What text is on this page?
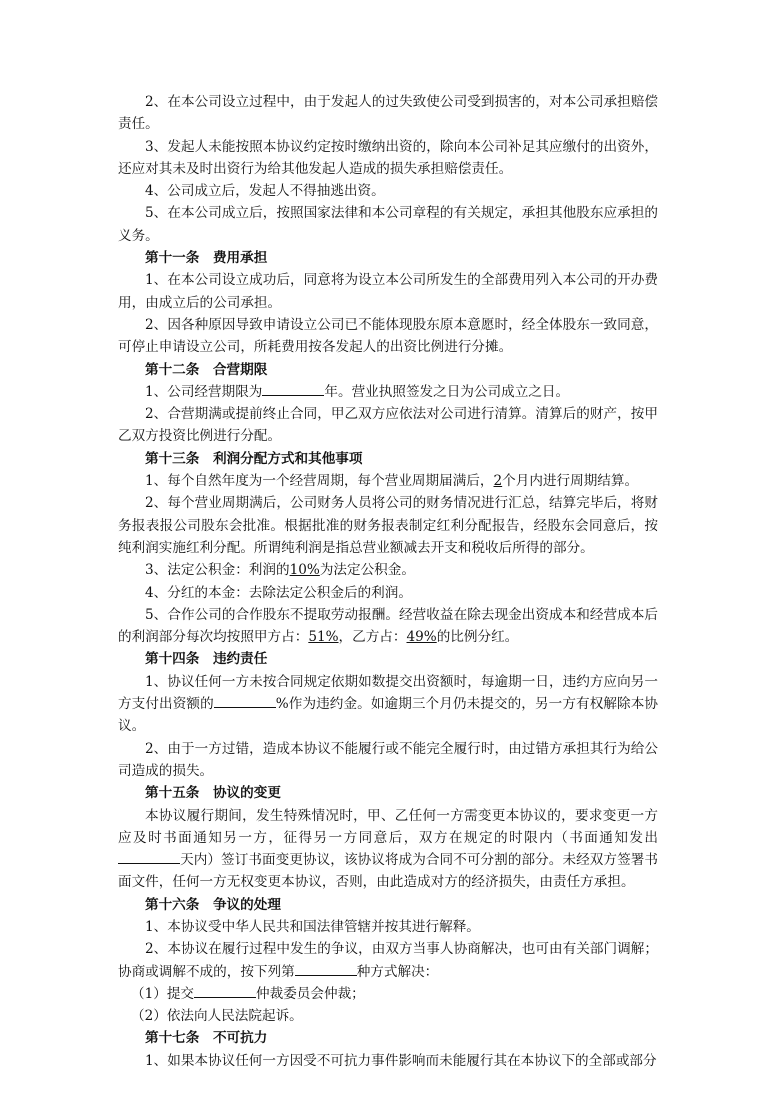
2、在本公司设立过程中，由于发起人的过失致使公司受到损害的，对本公司承担赔偿责任。

3、发起人未能按照本协议约定按时缴纳出资的，除向本公司补足其应缴付的出资外，还应对其未及时出资行为给其他发起人造成的损失承担赔偿责任。

4、公司成立后，发起人不得抽逃出资。

5、在本公司成立后，按照国家法律和本公司章程的有关规定，承担其他股东应承担的义务。

第十一条　费用承担

1、在本公司设立成功后，同意将为设立本公司所发生的全部费用列入本公司的开办费用，由成立后的公司承担。

2、因各种原因导致申请设立公司已不能体现股东原本意愿时，经全体股东一致同意，可停止申请设立公司，所耗费用按各发起人的出资比例进行分摊。

第十二条　合营期限

1、公司经营期限为	年。营业执照签发之日为公司成立之日。

2、合营期满或提前终止合同，甲乙双方应依法对公司进行清算。清算后的财产，按甲乙双方投资比例进行分配。

第十三条　利润分配方式和其他事项

1、每个自然年度为一个经营周期，每个营业周期届满后，2个月内进行周期结算。

2、每个营业周期满后，公司财务人员将公司的财务情况进行汇总，结算完毕后，将财务报表报公司股东会批准。根据批准的财务报表制定红利分配报告，经股东会同意后，按纯利润实施红利分配。所谓纯利润是指总营业额减去开支和税收后所得的部分。

3、法定公积金：利润的10%为法定公积金。

4、分红的本金：去除法定公积金后的利润。

5、合作公司的合作股东不提取劳动报酬。经营收益在除去现金出资成本和经营成本后的利润部分每次均按照甲方占：51%，乙方占：49%的比例分红。

第十四条　违约责任

1、协议任何一方未按合同规定依期如数提交出资额时，每逾期一日，违约方应向另一方支付出资额的	%作为违约金。如逾期三个月仍未提交的，另一方有权解除本协议。

2、由于一方过错，造成本协议不能履行或不能完全履行时，由过错方承担其行为给公司造成的损失。

第十五条　协议的变更

本协议履行期间，发生特殊情况时，甲、乙任何一方需变更本协议的，要求变更一方应及时书面通知另一方，征得另一方同意后，双方在规定的时限内（书面通知发出天内）签订书面变更协议，该协议将成为合同不可分割的部分。未经双方签署书面文件，任何一方无权变更本协议，否则，由此造成对方的经济损失，由责任方承担。

第十六条　争议的处理

1、本协议受中华人民共和国法律管辖并按其进行解释。

2、本协议在履行过程中发生的争议，由双方当事人协商解决，也可由有关部门调解；协商或调解不成的，按下列第	种方式解决：

（1）提交	仲裁委员会仲裁；

（2）依法向人民法院起诉。

第十七条　不可抗力

1、如果本协议任何一方因受不可抗力事件影响而未能履行其在本协议下的全部或部分
